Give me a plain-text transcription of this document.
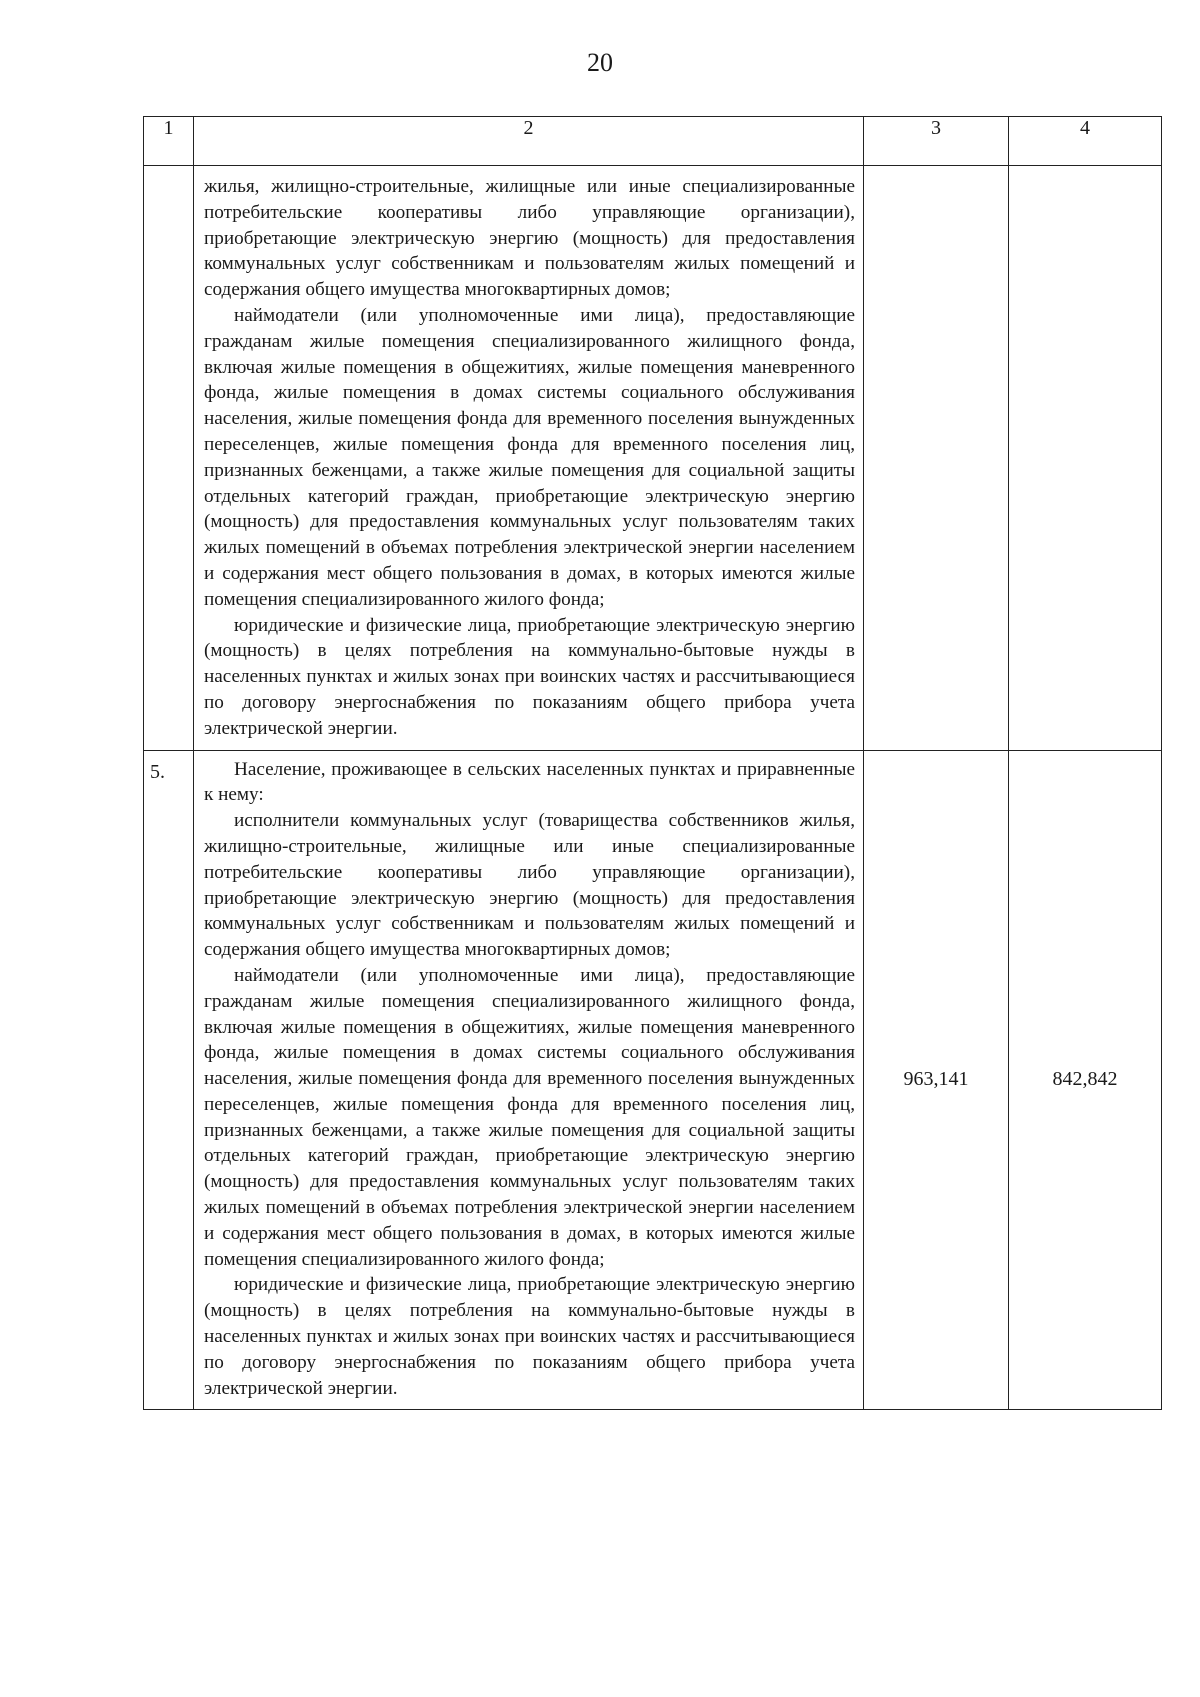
20
1	2	3	4

	жилья, жилищно-строительные, жилищные или иные специализированные потребительские кооперативы либо управляющие организации), приобретающие электрическую энергию (мощность) для предоставления коммунальных услуг собственникам и пользователям жилых помещений и содержания общего имущества многоквартирных домов;

наймодатели (или уполномоченные ими лица), предоставляющие гражданам жилые помещения специализированного жилищного фонда, включая жилые помещения в общежитиях, жилые помещения маневренного фонда, жилые помещения в домах системы социального обслуживания населения, жилые помещения фонда для временного поселения вынужденных переселенцев, жилые помещения фонда для временного поселения лиц, признанных беженцами, а также жилые помещения для социальной защиты отдельных категорий граждан, приобретающие электрическую энергию (мощность) для предоставления коммунальных услуг пользователям таких жилых помещений в объемах потребления электрической энергии населением и содержания мест общего пользования в домах, в которых имеются жилые помещения специализированного жилого фонда;

юридические и физические лица, приобретающие электрическую энергию (мощность) в целях потребления на коммунально-бытовые нужды в населенных пунктах и жилых зонах при воинских частях и рассчитывающиеся по договору энергоснабжения по показаниям общего прибора учета электрической энергии.		

5.	Население, проживающее в сельских населенных пунктах и приравненные к нему:

исполнители коммунальных услуг (товарищества собственников жилья, жилищно-строительные, жилищные или иные специализированные потребительские кооперативы либо управляющие организации), приобретающие электрическую энергию (мощность) для предоставления коммунальных услуг собственникам и пользователям жилых помещений и содержания общего имущества многоквартирных домов;

наймодатели (или уполномоченные ими лица), предоставляющие гражданам жилые помещения специализированного жилищного фонда, включая жилые помещения в общежитиях, жилые помещения маневренного фонда, жилые помещения в домах системы социального обслуживания населения, жилые помещения фонда для временного поселения вынужденных переселенцев, жилые помещения фонда для временного поселения лиц, признанных беженцами, а также жилые помещения для социальной защиты отдельных категорий граждан, приобретающие электрическую энергию (мощность) для предоставления коммунальных услуг пользователям таких жилых помещений в объемах потребления электрической энергии населением и содержания мест общего пользования в домах, в которых имеются жилые помещения специализированного жилого фонда;

юридические и физические лица, приобретающие электрическую энергию (мощность) в целях потребления на коммунально-бытовые нужды в населенных пунктах и жилых зонах при воинских частях и рассчитывающиеся по договору энергоснабжения по показаниям общего прибора учета электрической энергии.	963,141	842,842
